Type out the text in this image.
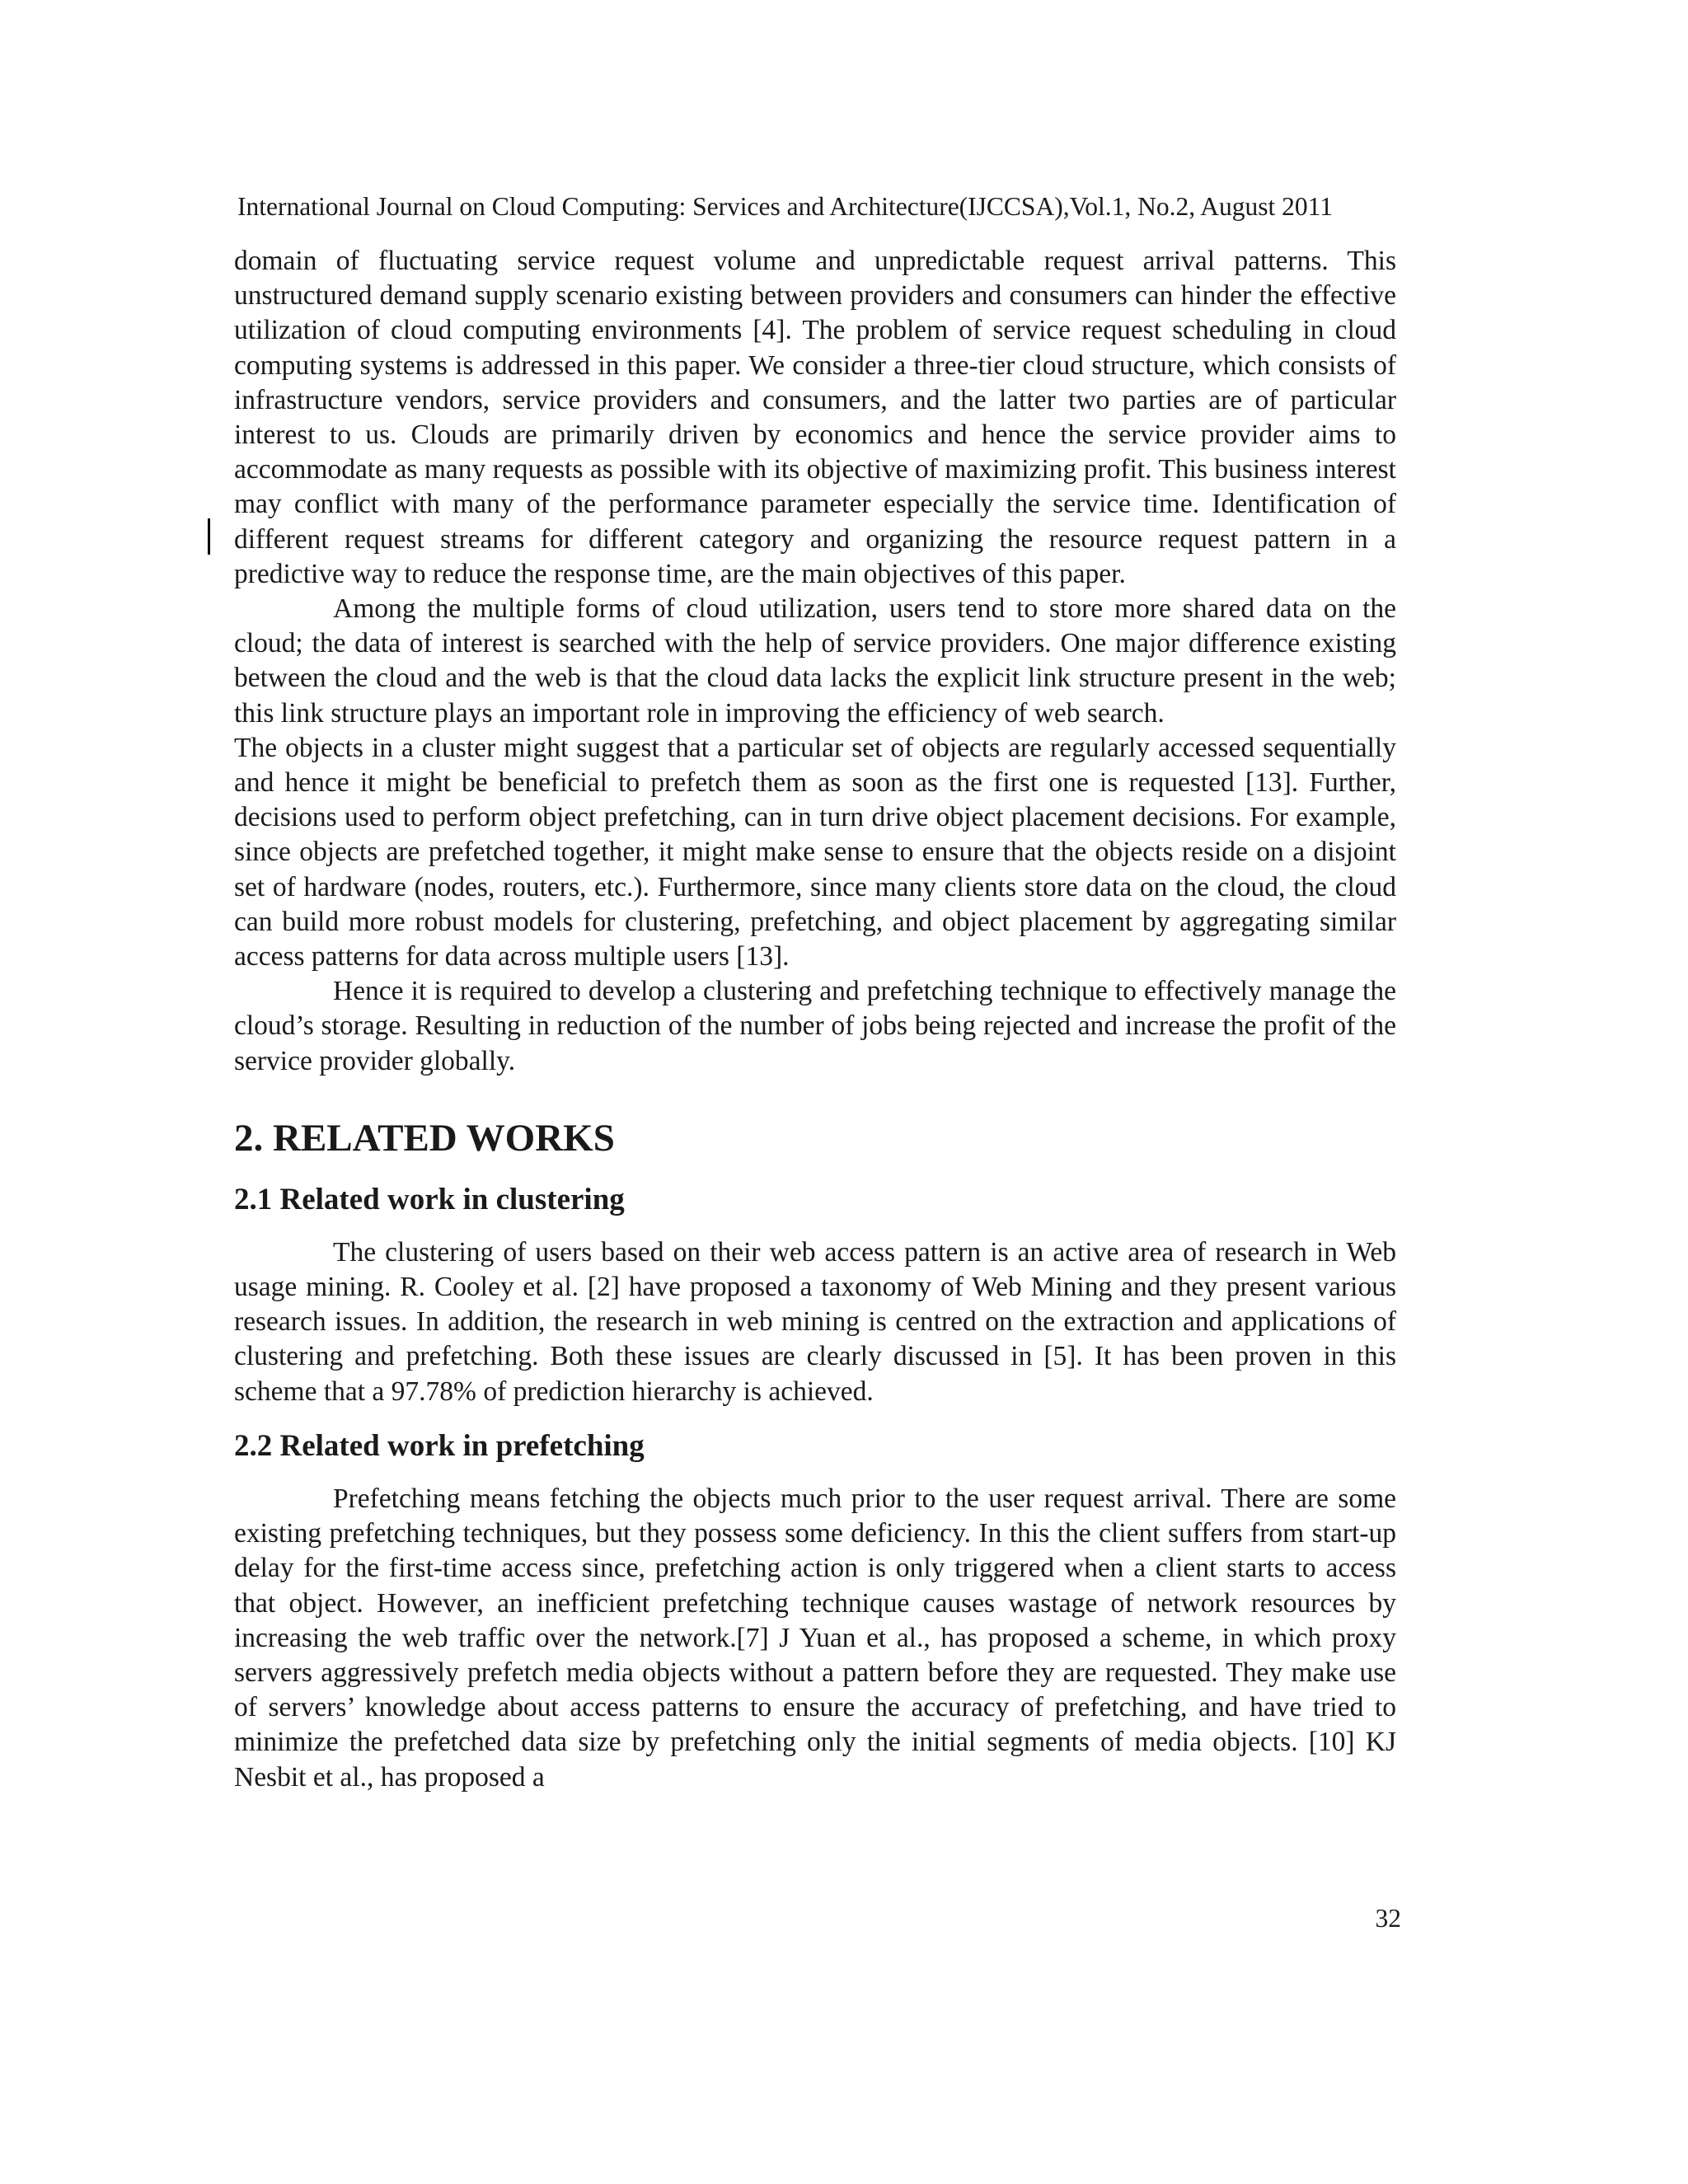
International Journal on Cloud Computing: Services and Architecture(IJCCSA),Vol.1, No.2, August 2011

domain of fluctuating service request volume and unpredictable request arrival patterns. This unstructured demand supply scenario existing between providers and consumers can hinder the effective utilization of cloud computing environments [4]. The problem of service request scheduling in cloud computing systems is addressed in this paper. We consider a three-tier cloud structure, which consists of infrastructure vendors, service providers and consumers, and the latter two parties are of particular interest to us. Clouds are primarily driven by economics and hence the service provider aims to accommodate as many requests as possible with its objective of maximizing profit. This business interest may conflict with many of the performance parameter especially the service time. Identification of different request streams for different category and organizing the resource request pattern in a predictive way to reduce the response time, are the main objectives of this paper.

Among the multiple forms of cloud utilization, users tend to store more shared data on the cloud; the data of interest is searched with the help of service providers. One major difference existing between the cloud and the web is that the cloud data lacks the explicit link structure present in the web; this link structure plays an important role in improving the efficiency of web search.

The objects in a cluster might suggest that a particular set of objects are regularly accessed sequentially and hence it might be beneficial to prefetch them as soon as the first one is requested [13]. Further, decisions used to perform object prefetching, can in turn drive object placement decisions. For example, since objects are prefetched together, it might make sense to ensure that the objects reside on a disjoint set of hardware (nodes, routers, etc.). Furthermore, since many clients store data on the cloud, the cloud can build more robust models for clustering, prefetching, and object placement by aggregating similar access patterns for data across multiple users [13].

Hence it is required to develop a clustering and prefetching technique to effectively manage the cloud’s storage. Resulting in reduction of the number of jobs being rejected and increase the profit of the service provider globally.

2. RELATED WORKS
2.1 Related work in clustering

The clustering of users based on their web access pattern is an active area of research in Web usage mining. R. Cooley et al. [2] have proposed a taxonomy of Web Mining and they present various research issues. In addition, the research in web mining is centred on the extraction and applications of clustering and prefetching. Both these issues are clearly discussed in [5]. It has been proven in this scheme that a 97.78% of prediction hierarchy is achieved.

2.2 Related work in prefetching

Prefetching means fetching the objects much prior to the user request arrival. There are some existing prefetching techniques, but they possess some deficiency. In this the client suffers from start-up delay for the first-time access since, prefetching action is only triggered when a client starts to access that object. However, an inefficient prefetching technique causes wastage of network resources by increasing the web traffic over the network.[7] J Yuan et al., has proposed a scheme, in which proxy servers aggressively prefetch media objects without a pattern before they are requested. They make use of servers’ knowledge about access patterns to ensure the accuracy of prefetching, and have tried to minimize the prefetched data size by prefetching only the initial segments of media objects. [10] KJ Nesbit et al., has proposed a

32
